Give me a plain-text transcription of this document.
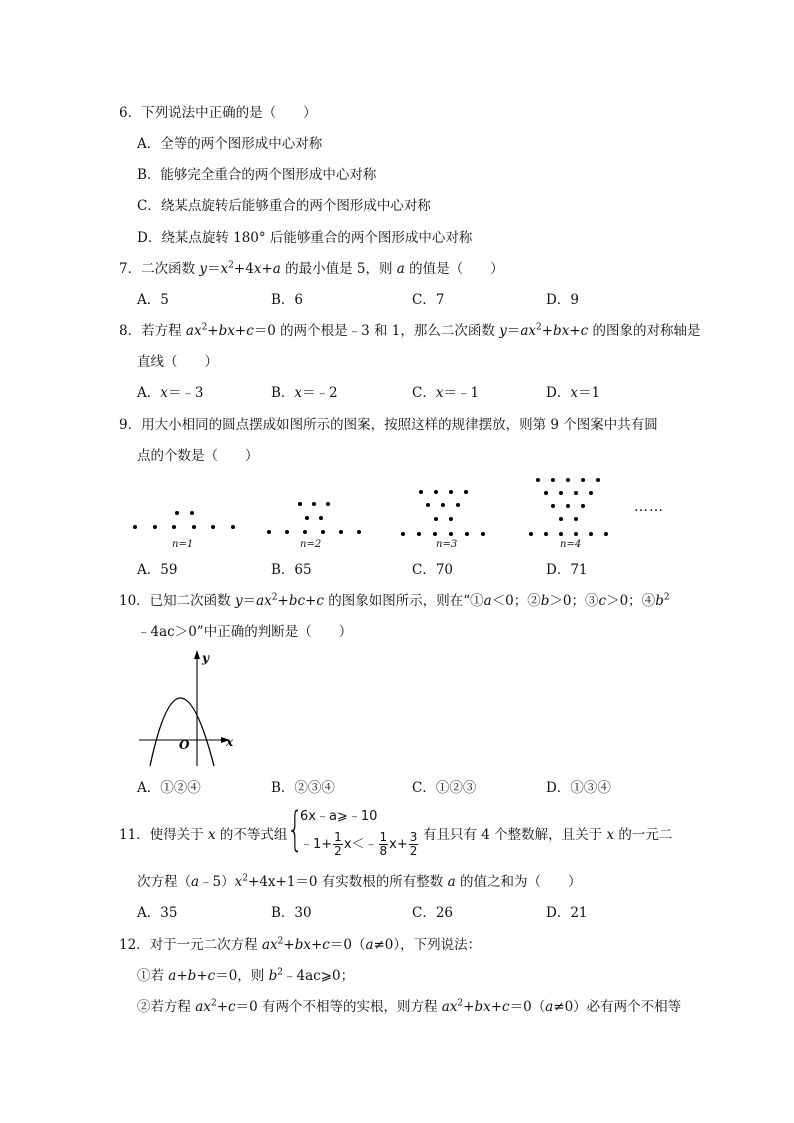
6．下列说法中正确的是（　　）
A．全等的两个图形成中心对称
B．能够完全重合的两个图形成中心对称
C．绕某点旋转后能够重合的两个图形成中心对称
D．绕某点旋转 180° 后能够重合的两个图形成中心对称
7．二次函数 $y=x^2+4x+a$ 的最小值是 5，则 a 的值是（　　）
A．5	B．6	C．7	D．9
8．若方程 $ax^2+bx+c=0$ 的两个根是﹣3 和 1，那么二次函数 $y=ax^2+bx+c$ 的图象的对称轴是
直线（　　）
A．x＝﹣3	B．x＝﹣2	C．x＝﹣1	D．x＝1
9．用大小相同的圆点摆成如图所示的图案，按照这样的规律摆放，则第 9 个图案中共有圆
点的个数是（　　）
n=1	n=2	n=3	n=4
……
A．59	B．65	C．70	D．71
10．已知二次函数 $y=ax^2+bc+c$ 的图象如图所示，则在“①a＜0；②b＞0；③c＞0；$④b^2$
﹣4ac＞0”中正确的判断是（　　）
y
x
O
A．①②④	B．②③④	C．①②③	D．①③④
11．使得关于 x 的不等式组 {
6x﹣a⩾﹣10
﹣1+ $\frac{1}{2}$ x＜﹣ $\frac{1}{8} x+ \frac{3}{2}$ 有且只有 4 个整数解，且关于 x 的一元二
次方程$(a﹣5)x^2+4x+1=0$ 有实数根的所有整数 a 的值之和为（　　）
A．35	B．30	C．26	D．21
12．对于一元二次方程 $ax^2+bx+c=0(a\ne 0)$，下列说法：
①若 a+b+c＝0，则 $b^2﹣4ac⩾0$；
②若方程 $ax^2+c=0$ 有两个不相等的实根，则方程 $ax^2+bx+c=0(a\ne 0)$必有两个不相等
